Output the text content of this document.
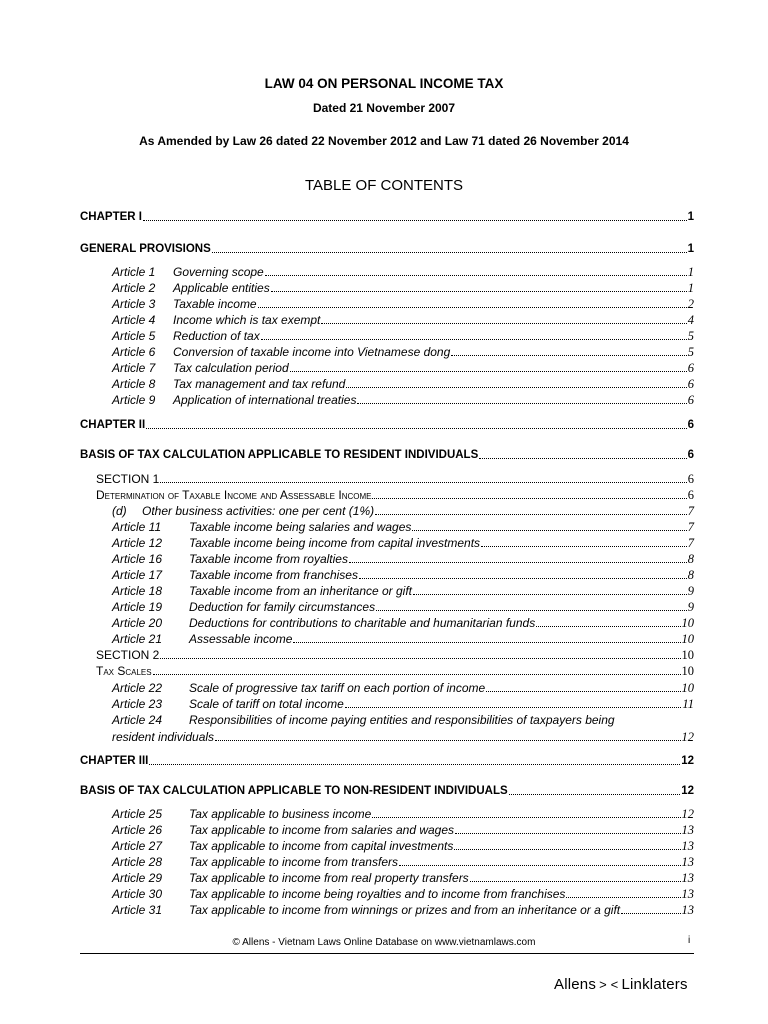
LAW 04 ON PERSONAL INCOME TAX
Dated 21 November 2007
As Amended by Law 26 dated 22 November 2012 and Law 71 dated 26 November 2014
TABLE OF CONTENTS
CHAPTER I	1
GENERAL PROVISIONS	1
Article 1	Governing scope	1
Article 2	Applicable entities	1
Article 3	Taxable income	2
Article 4	Income which is tax exempt	4
Article 5	Reduction of tax	5
Article 6	Conversion of taxable income into Vietnamese dong	5
Article 7	Tax calculation period	6
Article 8	Tax management and tax refund	6
Article 9	Application of international treaties	6
CHAPTER II	6
BASIS OF TAX CALCULATION APPLICABLE TO RESIDENT INDIVIDUALS	6
SECTION 1	6
Determination of Taxable Income and Assessable Income	6
(d)	Other business activities: one per cent (1%)	7
Article 11	Taxable income being salaries and wages	7
Article 12	Taxable income being income from capital investments	7
Article 16	Taxable income from royalties	8
Article 17	Taxable income from franchises	8
Article 18	Taxable income from an inheritance or gift	9
Article 19	Deduction for family circumstances	9
Article 20	Deductions for contributions to charitable and humanitarian funds	10
Article 21	Assessable income	10
SECTION 2	10
Tax Scales	10
Article 22	Scale of progressive tax tariff on each portion of income	10
Article 23	Scale of tariff on total income	11
Article 24 Responsibilities of income paying entities and responsibilities of taxpayers being
resident individuals	12
CHAPTER III	12
BASIS OF TAX CALCULATION APPLICABLE TO NON-RESIDENT INDIVIDUALS	12
Article 25	Tax applicable to business income	12
Article 26	Tax applicable to income from salaries and wages	13
Article 27	Tax applicable to income from capital investments	13
Article 28	Tax applicable to income from transfers	13
Article 29	Tax applicable to income from real property transfers	13
Article 30	Tax applicable to income being royalties and to income from franchises	13
Article 31	Tax applicable to income from winnings or prizes and from an inheritance or a gift	13
© Allens - Vietnam Laws Online Database on www.vietnamlaws.com	i
Allens > < Linklaters
